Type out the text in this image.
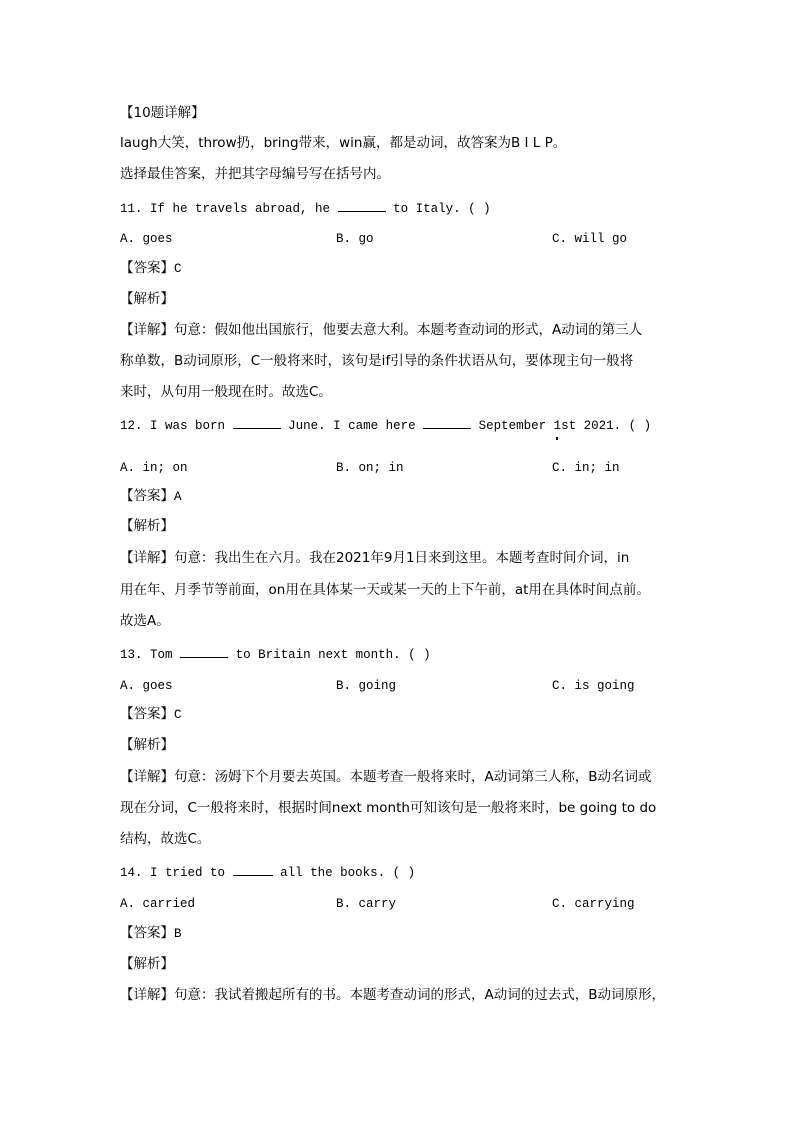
【10题详解】
laugh大笑，throw扔，bring带来，win赢，都是动词，故答案为B I L P。
选择最佳答案，并把其字母编号写在括号内。
11. If he travels abroad, he	to Italy. ( )
A. goes	B. go	C. will go
【答案】C
【解析】
【详解】句意：假如他出国旅行，他要去意大利。本题考查动词的形式，A动词的第三人
称单数，B动词原形，C一般将来时，该句是if引导的条件状语从句，要体现主句一般将
来时，从句用一般现在时。故选C。
12. I was born	June. I came here	September 1st 2021. ( )
A. in; on	B. on; in	C. in; in
【答案】A
【解析】
【详解】句意：我出生在六月。我在2021年9月1日来到这里。本题考查时间介词，in
用在年、月季节等前面，on用在具体某一天或某一天的上下午前，at用在具体时间点前。
故选A。
13. Tom	to Britain next month. ( )
A. goes	B. going	C. is going
【答案】C
【解析】
【详解】句意：汤姆下个月要去英国。本题考查一般将来时，A动词第三人称，B动名词或
现在分词，C一般将来时，根据时间next month可知该句是一般将来时，be going to do
结构，故选C。
14. I tried to	all the books. ( )
A. carried	B. carry	C. carrying
【答案】B
【解析】
【详解】句意：我试着搬起所有的书。本题考查动词的形式，A动词的过去式，B动词原形，
